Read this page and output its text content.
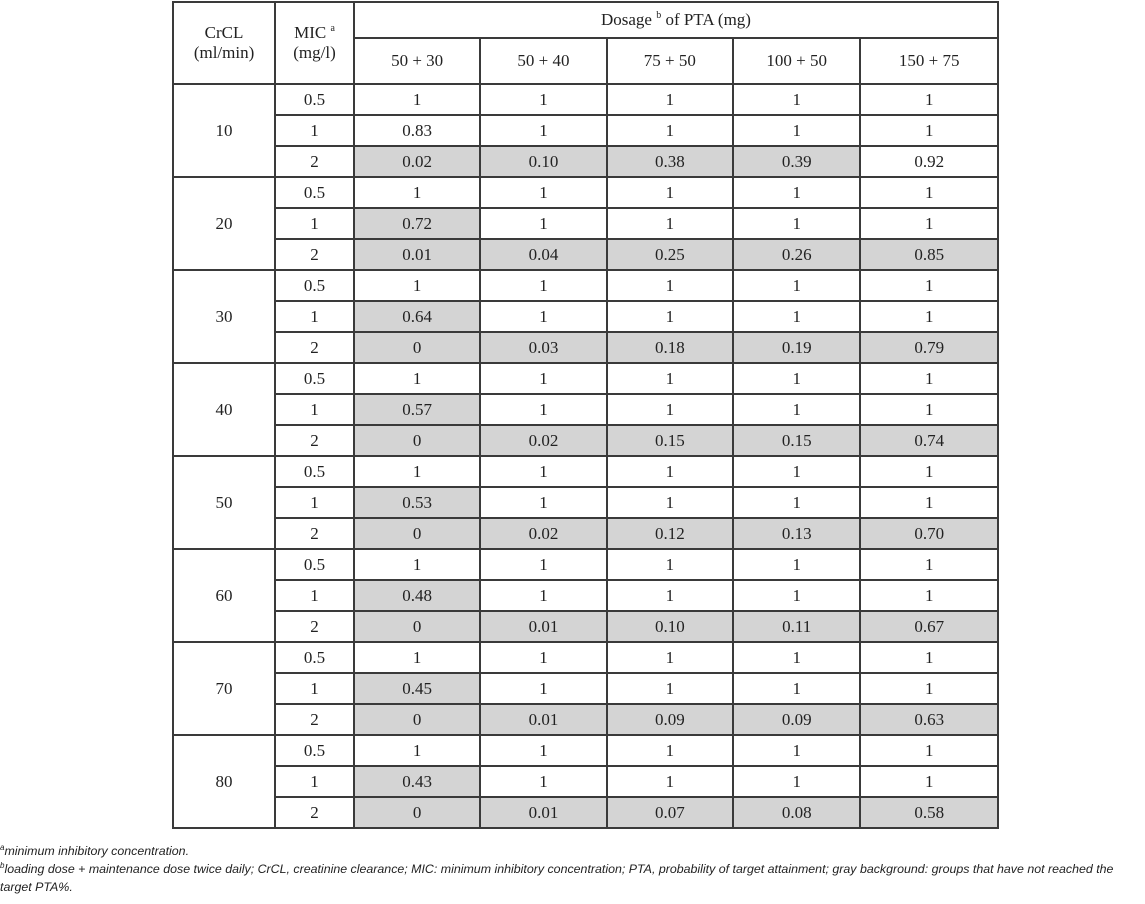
CrCL
(ml/min)	MIC $^a$
(mg/l)	Dosage $^b$ of PTA (mg)				
		50 + 30	50 + 40	75 + 50	100 + 50	150 + 75
10	0.5	1	1	1	1	1
	1	0.83	1	1	1	1
	2	0.02	0.10	0.38	0.39	0.92
20	0.5	1	1	1	1	1
	1	0.72	1	1	1	1
	2	0.01	0.04	0.25	0.26	0.85
30	0.5	1	1	1	1	1
	1	0.64	1	1	1	1
	2	0	0.03	0.18	0.19	0.79
40	0.5	1	1	1	1	1
	1	0.57	1	1	1	1
	2	0	0.02	0.15	0.15	0.74
50	0.5	1	1	1	1	1
	1	0.53	1	1	1	1
	2	0	0.02	0.12	0.13	0.70
60	0.5	1	1	1	1	1
	1	0.48	1	1	1	1
	2	0	0.01	0.10	0.11	0.67
70	0.5	1	1	1	1	1
	1	0.45	1	1	1	1
	2	0	0.01	0.09	0.09	0.63
80	0.5	1	1	1	1	1
	1	0.43	1	1	1	1
	2	0	0.01	0.07	0.08	0.58

$^a$minimum inhibitory concentration.

$^b$loading dose + maintenance dose twice daily; CrCL, creatinine clearance; MIC: minimum inhibitory concentration; PTA, probability of target attainment; gray background: groups that have not reached the target PTA%.
